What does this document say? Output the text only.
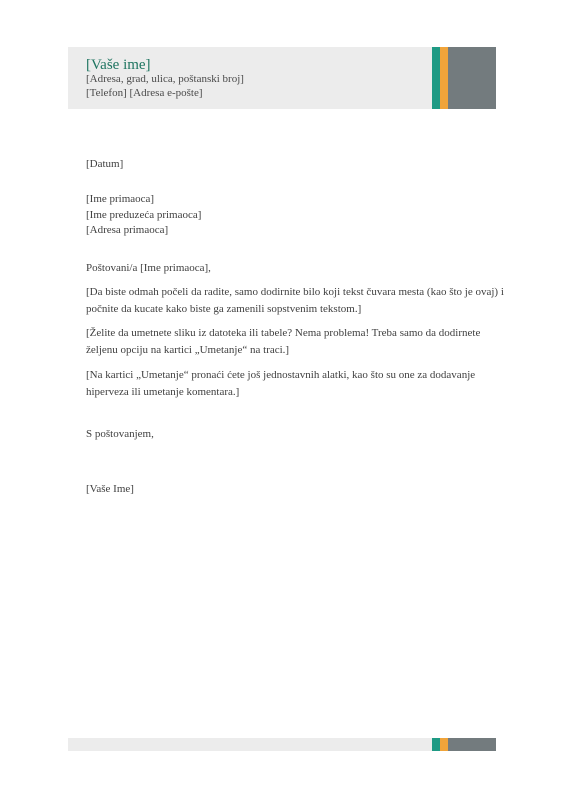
[Vaše ime]
[Adresa, grad, ulica, poštanski broj]
[Telefon] [Adresa e-pošte]
[Datum]
[Ime primaoca]
[Ime preduzeća primaoca]
[Adresa primaoca]
Poštovani/a [Ime primaoca],
[Da biste odmah počeli da radite, samo dodirnite bilo koji tekst čuvara mesta (kao što je ovaj) i počnite da kucate kako biste ga zamenili sopstvenim tekstom.]
[Želite da umetnete sliku iz datoteka ili tabele? Nema problema! Treba samo da dodirnete željenu opciju na kartici „Umetanje“ na traci.]
[Na kartici „Umetanje“ pronaći ćete još jednostavnih alatki, kao što su one za dodavanje hiperveza ili umetanje komentara.]
S poštovanjem,
[Vaše Ime]
